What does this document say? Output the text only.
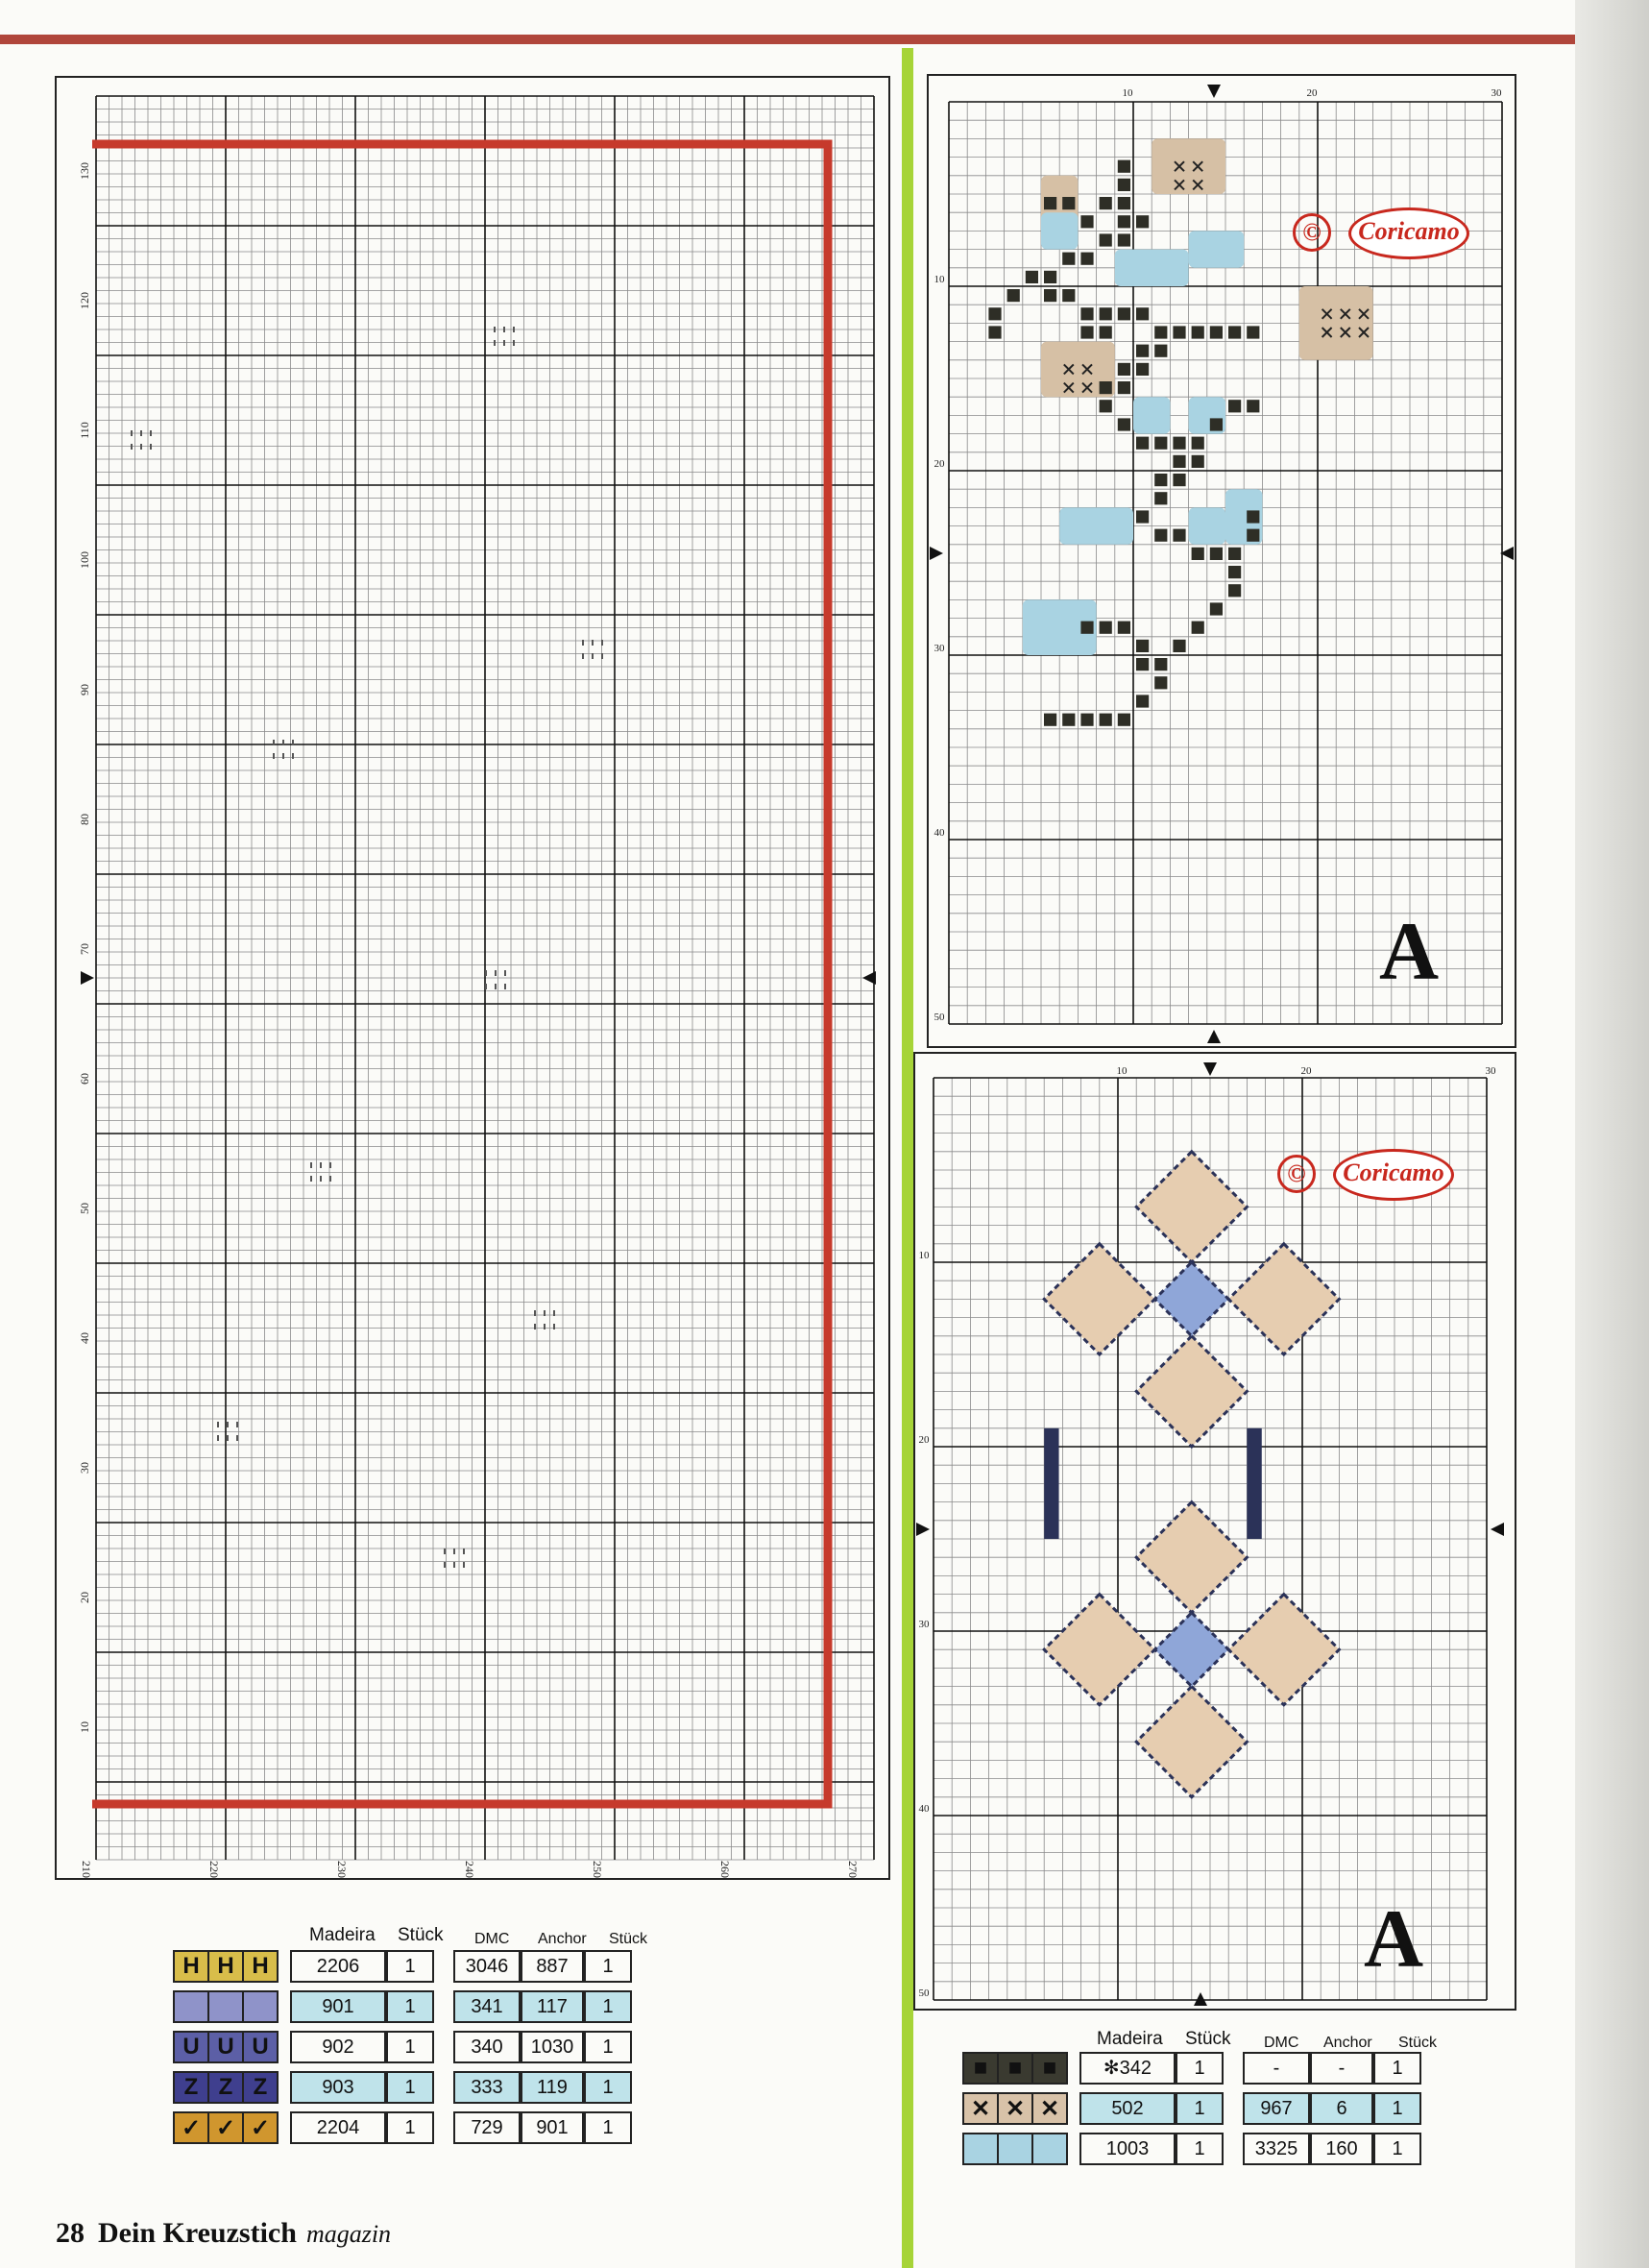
130
120
110
100
90
80
70
60
50
40
30
20
10
210	220	230	240	250	260	270
10	20	30
10
20
30
40
50
10	20	30
10
20
30
40
50
Madeira Stück DMC Anchor Stück
H H H	2206	1	3046	887	1
901	1	341	117	1
U U U	902	1	340	1030	1
Z Z Z	903	1	333	119	1
✓ ✓ ✓	2204	1	729	901	1
Madeira Stück DMC Anchor Stück
■ ■ ■	✻342	1	-	-	1
✕ ✕ ✕	502	1	967	6	1
1003	1	3325	160	1
A
A
©	Coricamo
©	Coricamo
28 Dein Kreuzstich magazin
